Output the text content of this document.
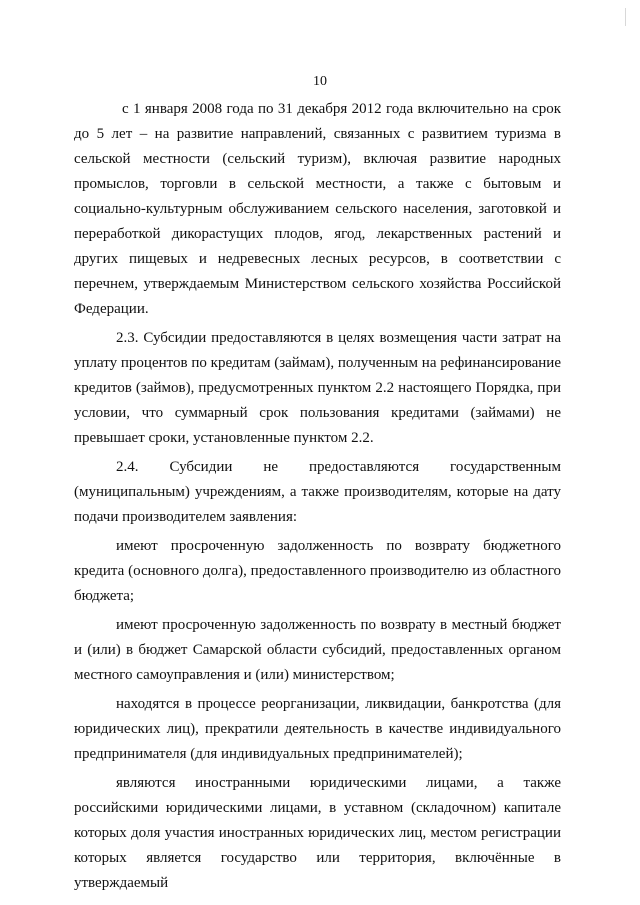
10

с 1 января 2008 года по 31 декабря 2012 года включительно на срок до 5 лет – на развитие направлений, связанных с развитием туризма в сельской местности (сельский туризм), включая развитие народных промыслов, торговли в сельской местности, а также с бытовым и социально-культурным обслуживанием сельского населения, заготовкой и переработкой дикорастущих плодов, ягод, лекарственных растений и других пищевых и недревесных лесных ресурсов, в соответствии с перечнем, утверждаемым Министерством сельского хозяйства Российской Федерации.

2.3. Субсидии предоставляются в целях возмещения части затрат на уплату процентов по кредитам (займам), полученным на рефинансирование кредитов (займов), предусмотренных пунктом 2.2 настоящего Порядка, при условии, что суммарный срок пользования кредитами (займами) не превышает сроки, установленные пунктом 2.2.

2.4. Субсидии не предоставляются государственным (муниципальным) учреждениям, а также производителям, которые на дату подачи производителем заявления:

имеют просроченную задолженность по возврату бюджетного кредита (основного долга), предоставленного производителю из областного бюджета;

имеют просроченную задолженность по возврату в местный бюджет и (или) в бюджет Самарской области субсидий, предоставленных органом местного самоуправления и (или) министерством;

находятся в процессе реорганизации, ликвидации, банкротства (для юридических лиц), прекратили деятельность в качестве индивидуального предпринимателя (для индивидуальных предпринимателей);

являются иностранными юридическими лицами, а также российскими юридическими лицами, в уставном (складочном) капитале которых доля участия иностранных юридических лиц, местом регистрации которых является государство или территория, включённые в утверждаемый
